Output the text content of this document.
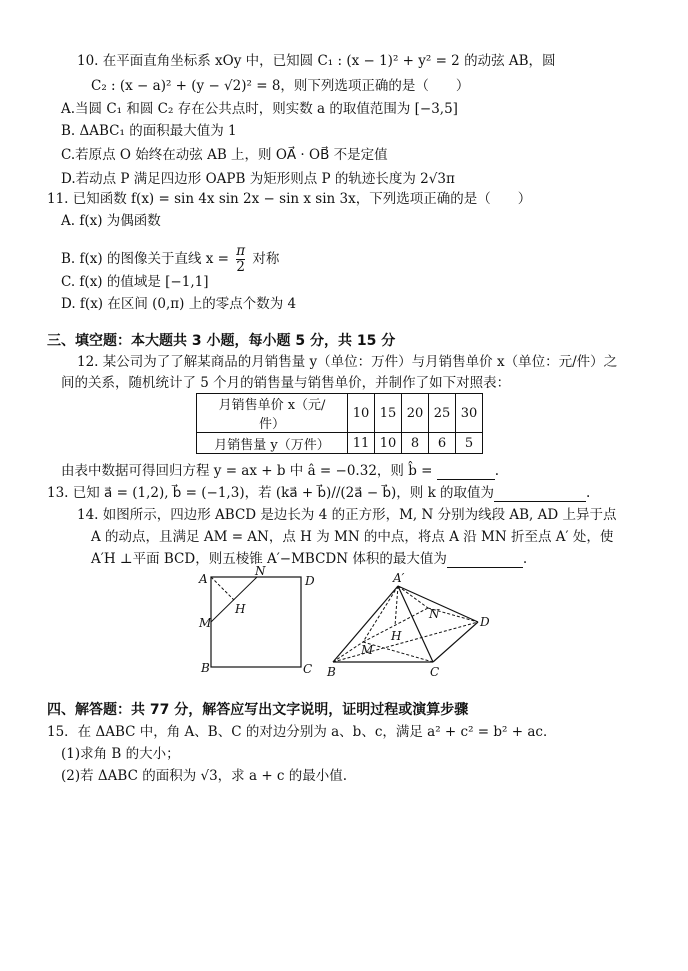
10. 在平面直角坐标系 xOy 中，已知圆 C₁ : (x − 1)² + y² = 2 的动弦 AB，圆
C₂ : (x − a)² + (y − √2)² = 8，则下列选项正确的是（　　）
A.当圆 C₁ 和圆 C₂ 存在公共点时，则实数 a 的取值范围为 [−3,5]
B. ΔABC₁ 的面积最大值为 1
C.若原点 O 始终在动弦 AB 上，则 OA⃗ · OB⃗ 不是定值
D.若动点 P 满足四边形 OAPB 为矩形则点 P 的轨迹长度为 2√3π
11. 已知函数 f(x) = sin 4x sin 2x − sin x sin 3x，下列选项正确的是（　　）
A. f(x) 为偶函数
B. f(x) 的图像关于直线 $x = \frac{\pi}{2}$ 对称
C. f(x) 的值域是 [−1,1]
D. f(x) 在区间 (0,π) 上的零点个数为 4
三、填空题：本大题共 3 小题，每小题 5 分，共 15 分
12. 某公司为了了解某商品的月销售量 y（单位：万件）与月销售单价 x（单位：元/件）之
间的关系，随机统计了 5 个月的销售量与销售单价，并制作了如下对照表：
月销售单价 x（元/
件）	10	15	20	25	30
月销售量 y（万件）	11	10	8	6	5
由表中数据可得回归方程 y = ax + b 中 â = −0.32，则 b̂ =	.
13. 已知 a⃗ = (1,2), b⃗ = (−1,3)，若 (ka⃗ + b⃗)//(2a⃗ − b⃗)，则 k 的取值为	.
14. 如图所示，四边形 ABCD 是边长为 4 的正方形，M, N 分别为线段 AB, AD 上异于点
A 的动点，且满足 AM = AN，点 H 为 MN 的中点，将点 A 沿 MN 折至点 A′ 处，使
A′H ⊥平面 BCD，则五棱锥 A′−MBCDN 体积的最大值为	.
A
N
D
H
M
B	C
A′
N
D
H
M
B	C
四、解答题：共 77 分，解答应写出文字说明，证明过程或演算步骤
15．在 ΔABC 中，角 A、B、C 的对边分别为 a、b、c，满足 a² + c² = b² + ac．
(1)求角 B 的大小；
(2)若 ΔABC 的面积为 √3，求 a + c 的最小值.
